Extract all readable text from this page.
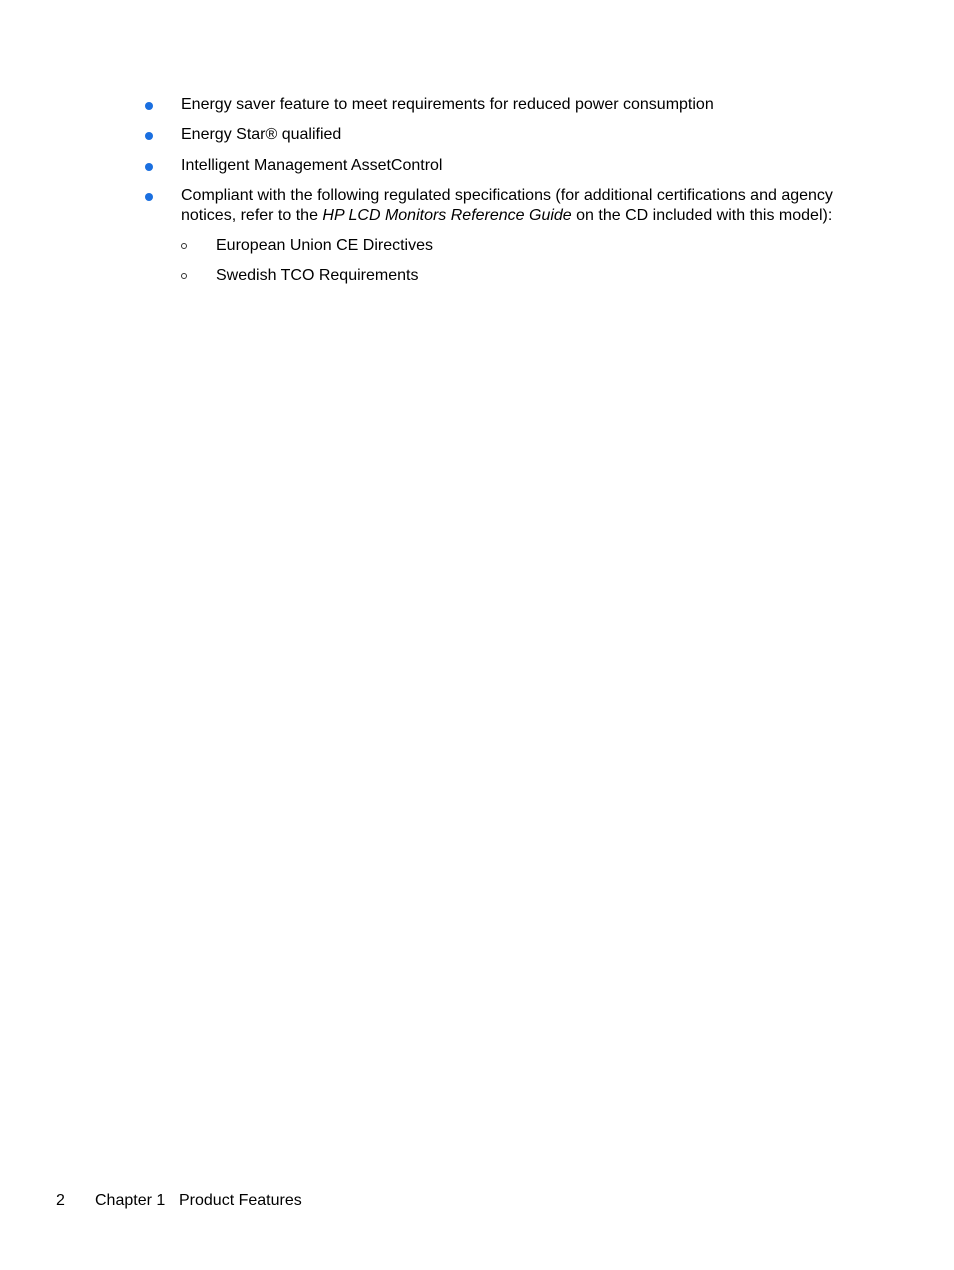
Energy saver feature to meet requirements for reduced power consumption
Energy Star® qualified
Intelligent Management AssetControl
Compliant with the following regulated specifications (for additional certifications and agency notices, refer to the HP LCD Monitors Reference Guide on the CD included with this model):
European Union CE Directives
Swedish TCO Requirements
2 Chapter 1 Product Features
